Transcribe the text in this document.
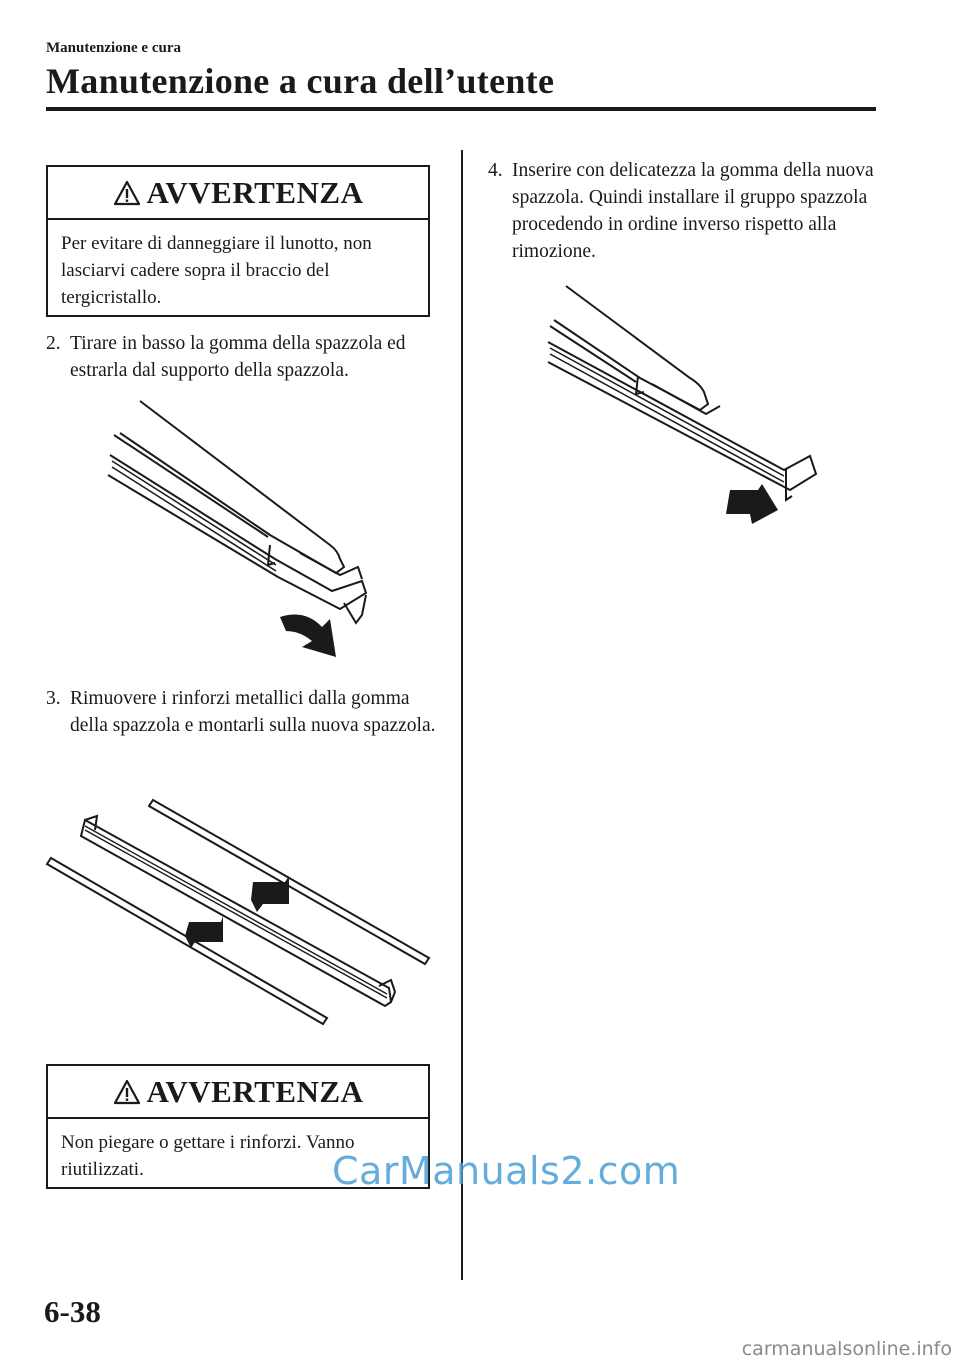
Manutenzione e cura
Manutenzione a cura dell’utente
AVVERTENZA
Per evitare di danneggiare il lunotto, non lasciarvi cadere sopra il braccio del tergicristallo.
2. Tirare in basso la gomma della spazzola ed estrarla dal supporto della spazzola.
3. Rimuovere i rinforzi metallici dalla gomma della spazzola e montarli sulla nuova spazzola.
AVVERTENZA
Non piegare o gettare i rinforzi. Vanno riutilizzati.
4. Inserire con delicatezza la gomma della nuova spazzola. Quindi installare il gruppo spazzola procedendo in ordine inverso rispetto alla rimozione.
6-38
CarManuals2.com
carmanualsonline.info
